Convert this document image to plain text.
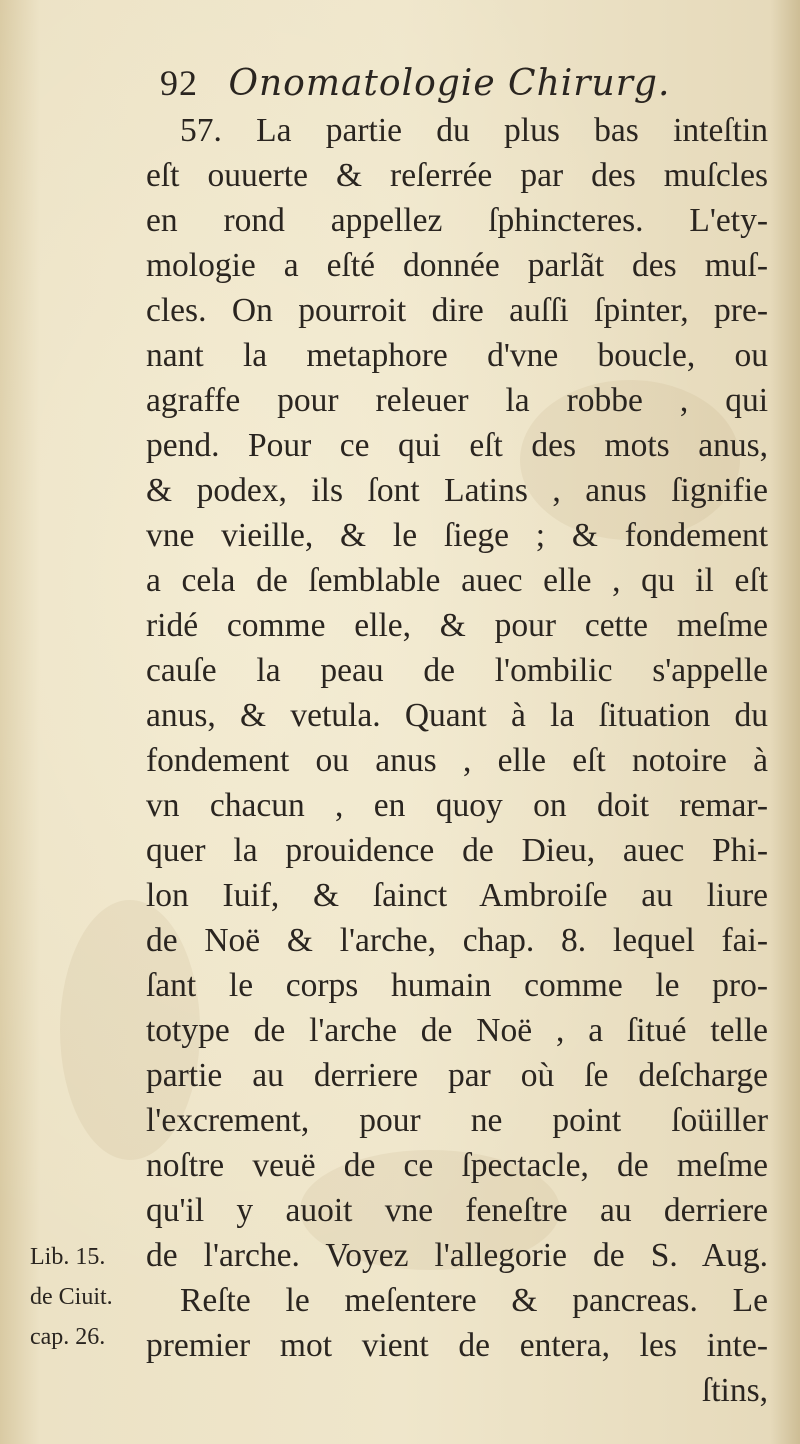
92 Onomatologie Chirurg.
57. La partie du plus bas inteſtin
eſt ouuerte & reſerrée par des muſcles
en rond appellez ſphincteres. L'ety-
mologie a eſté donnée parlãt des muſ-
cles. On pourroit dire auſſi ſpinter, pre-
nant la metaphore d'vne boucle, ou
agraffe pour releuer la robbe , qui
pend. Pour ce qui eſt des mots anus,
& podex, ils ſont Latins , anus ſignifie
vne vieille, & le ſiege ; & fondement
a cela de ſemblable auec elle , qu il eſt
ridé comme elle, & pour cette meſme
cauſe la peau de l'ombilic s'appelle
anus, & vetula. Quant à la ſituation du
fondement ou anus , elle eſt notoire à
vn chacun , en quoy on doit remar-
quer la prouidence de Dieu, auec Phi-
lon Iuif, & ſainct Ambroiſe au liure
de Noë & l'arche, chap. 8. lequel fai-
ſant le corps humain comme le pro-
totype de l'arche de Noë , a ſitué telle
partie au derriere par où ſe deſcharge
l'excrement, pour ne point ſoüiller
noſtre veuë de ce ſpectacle, de meſme
qu'il y auoit vne feneſtre au derriere
de l'arche. Voyez l'allegorie de S. Aug.
Reſte le meſentere & pancreas. Le
premier mot vient de entera, les inte-
Lib. 15.
de Ciuit.
cap. 26.
ſtins,
